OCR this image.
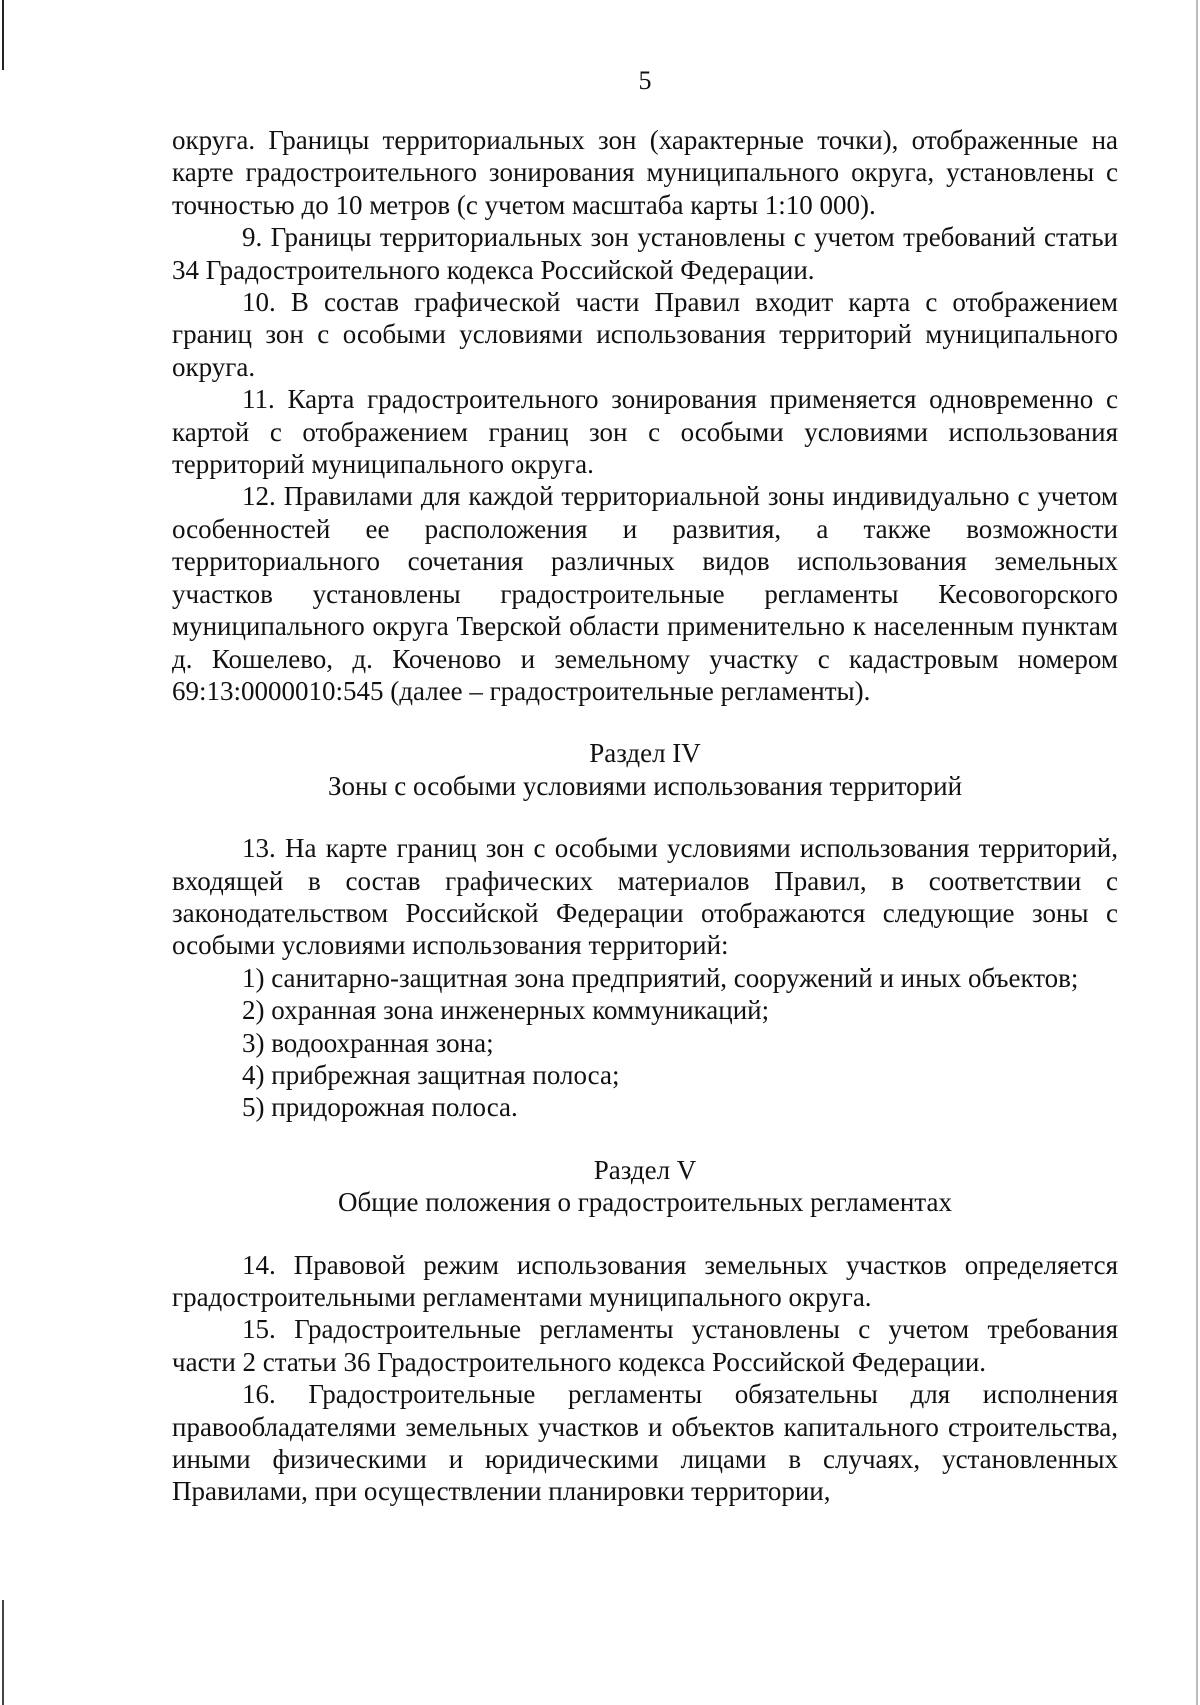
5

округа. Границы территориальных зон (характерные точки), отображенные на карте градостроительного зонирования муниципального округа, установлены с точностью до 10 метров (с учетом масштаба карты 1:10 000).

9. Границы территориальных зон установлены с учетом требований статьи 34 Градостроительного кодекса Российской Федерации.

10. В состав графической части Правил входит карта с отображением границ зон с особыми условиями использования территорий муниципального округа.

11. Карта градостроительного зонирования применяется одновременно с картой с отображением границ зон с особыми условиями использования территорий муниципального округа.

12. Правилами для каждой территориальной зоны индивидуально с учетом особенностей ее расположения и развития, а также возможности территориального сочетания различных видов использования земельных участков установлены градостроительные регламенты Кесовогорского муниципального округа Тверской области применительно к населенным пунктам д. Кошелево, д. Коченово и земельному участку с кадастровым номером 69:13:0000010:545 (далее – градостроительные регламенты).

Раздел IV
Зоны с особыми условиями использования территорий

13. На карте границ зон с особыми условиями использования территорий, входящей в состав графических материалов Правил, в соответствии с законодательством Российской Федерации отображаются следующие зоны с особыми условиями использования территорий:

1) санитарно-защитная зона предприятий, сооружений и иных объектов;

2) охранная зона инженерных коммуникаций;

3) водоохранная зона;

4) прибрежная защитная полоса;

5) придорожная полоса.

Раздел V
Общие положения о градостроительных регламентах

14. Правовой режим использования земельных участков определяется градостроительными регламентами муниципального округа.

15. Градостроительные регламенты установлены с учетом требования части 2 статьи 36 Градостроительного кодекса Российской Федерации.

16. Градостроительные регламенты обязательны для исполнения правообладателями земельных участков и объектов капитального строительства, иными физическими и юридическими лицами в случаях, установленных Правилами, при осуществлении планировки территории,
